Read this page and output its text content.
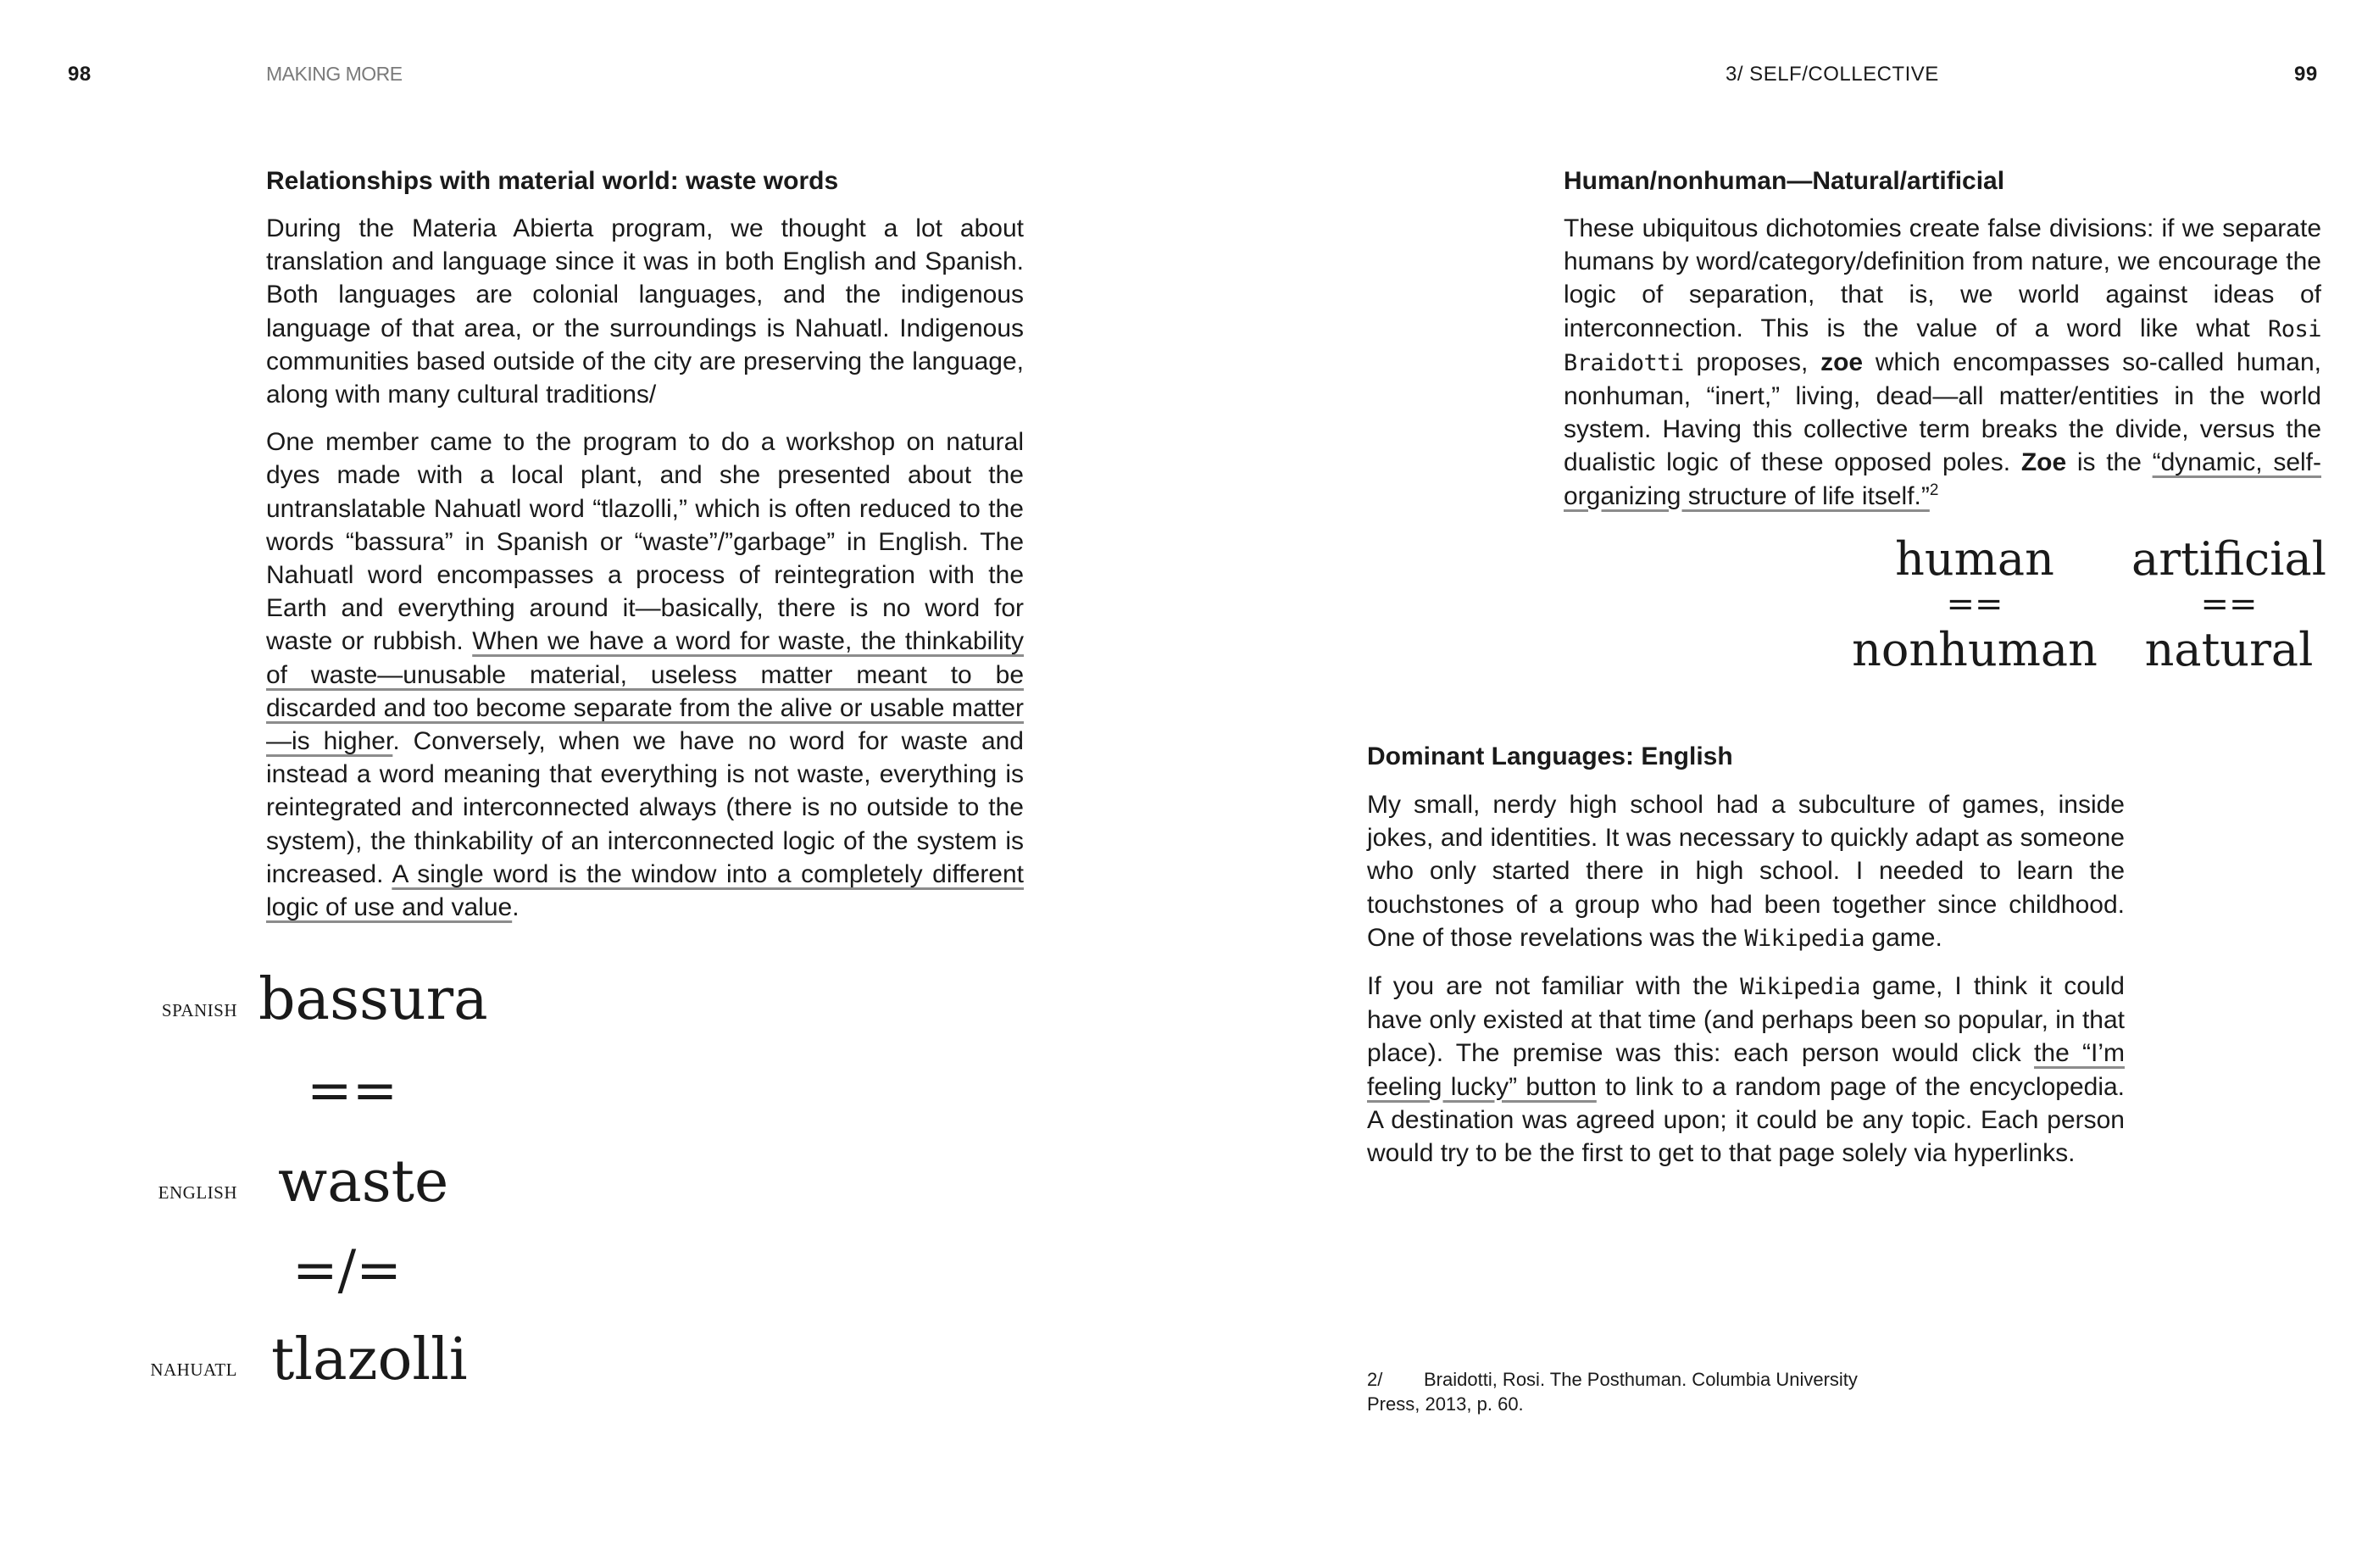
98	MAKING MORE
Relationships with material world: waste words

During the Materia Abierta program, we thought a lot about translation and language since it was in both English and Spanish. Both languages are colonial languages, and the indigenous language of that area, or the surroundings is Nahuatl. Indigenous communities based outside of the city are preserving the language, along with many cultural traditions/

One member came to the program to do a workshop on natural dyes made with a local plant, and she presented about the untranslatable Nahuatl word “tlazolli,” which is often reduced to the words “bassura” in Spanish or “waste”/”garbage” in English. The Nahuatl word encompasses a process of reintegration with the Earth and everything around it—basically, there is no word for waste or rubbish. When we have a word for waste, the thinkability of waste—unusable material, useless matter meant to be discarded and too become separate from the alive or usable matter—is higher. Conversely, when we have no word for waste and instead a word meaning that everything is not waste, everything is reintegrated and interconnected always (there is no outside to the system), the thinkability of an interconnected logic of the system is increased. A single word is the window into a completely different logic of use and value.

SPANISH bassura
==
ENGLISH waste
=/=
NAHUATL tlazolli
3/ SELF/COLLECTIVE	99
Human/nonhuman—Natural/artificial

These ubiquitous dichotomies create false divisions: if we separate humans by word/category/definition from nature, we encourage the logic of separation, that is, we world against ideas of interconnection. This is the value of a word like what Rosi Braidotti proposes, zoe which encompasses so-called human, nonhuman, “inert,” living, dead—all matter/entities in the world system. Having this collective term breaks the divide, versus the dualistic logic of these opposed poles. Zoe is the “dynamic, self-organizing structure of life itself.”$^2$

human
==
nonhuman
artificial
==
natural
Dominant Languages: English

My small, nerdy high school had a subculture of games, inside jokes, and identities. It was necessary to quickly adapt as someone who only started there in high school. I needed to learn the touchstones of a group who had been together since childhood. One of those revelations was the Wikipedia game.

If you are not familiar with the Wikipedia game, I think it could have only existed at that time (and perhaps been so popular, in that place). The premise was this: each person would click the “I’m feeling lucky” button to link to a random page of the encyclopedia. A destination was agreed upon; it could be any topic. Each person would try to be the first to get to that page solely via hyperlinks.

2/ Braidotti, Rosi. The Posthuman. Columbia University
Press, 2013, p. 60.
